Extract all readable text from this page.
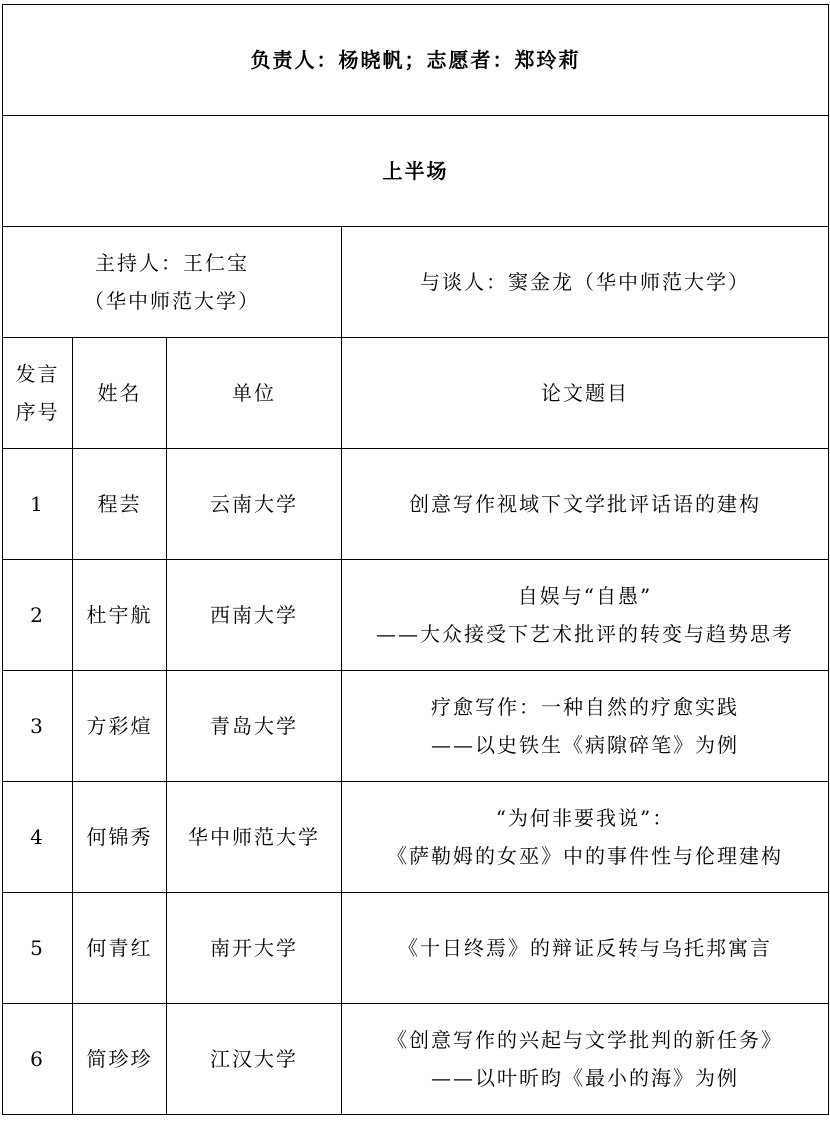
负责人：杨晓帆；志愿者：郑玲莉			
上半场			

主持人：王仁宝
（华中师范大学）			与谈人：窦金龙（华中师范大学）

发言
序号	姓名	单位	论文题目
1	程芸	云南大学	创意写作视域下文学批评话语的建构

2	杜宇航	西南大学	自娱与“自愚”
——大众接受下艺术批评的转变与趋势思考

3	方彩煊	青岛大学	疗愈写作：一种自然的疗愈实践
——以史铁生《病隙碎笔》为例

4	何锦秀	华中师范大学	“为何非要我说”：
《萨勒姆的女巫》中的事件性与伦理建构

5	何青红	南开大学	《十日终焉》的辩证反转与乌托邦寓言

6	简珍珍	江汉大学	《创意写作的兴起与文学批判的新任务》
——以叶昕昀《最小的海》为例
